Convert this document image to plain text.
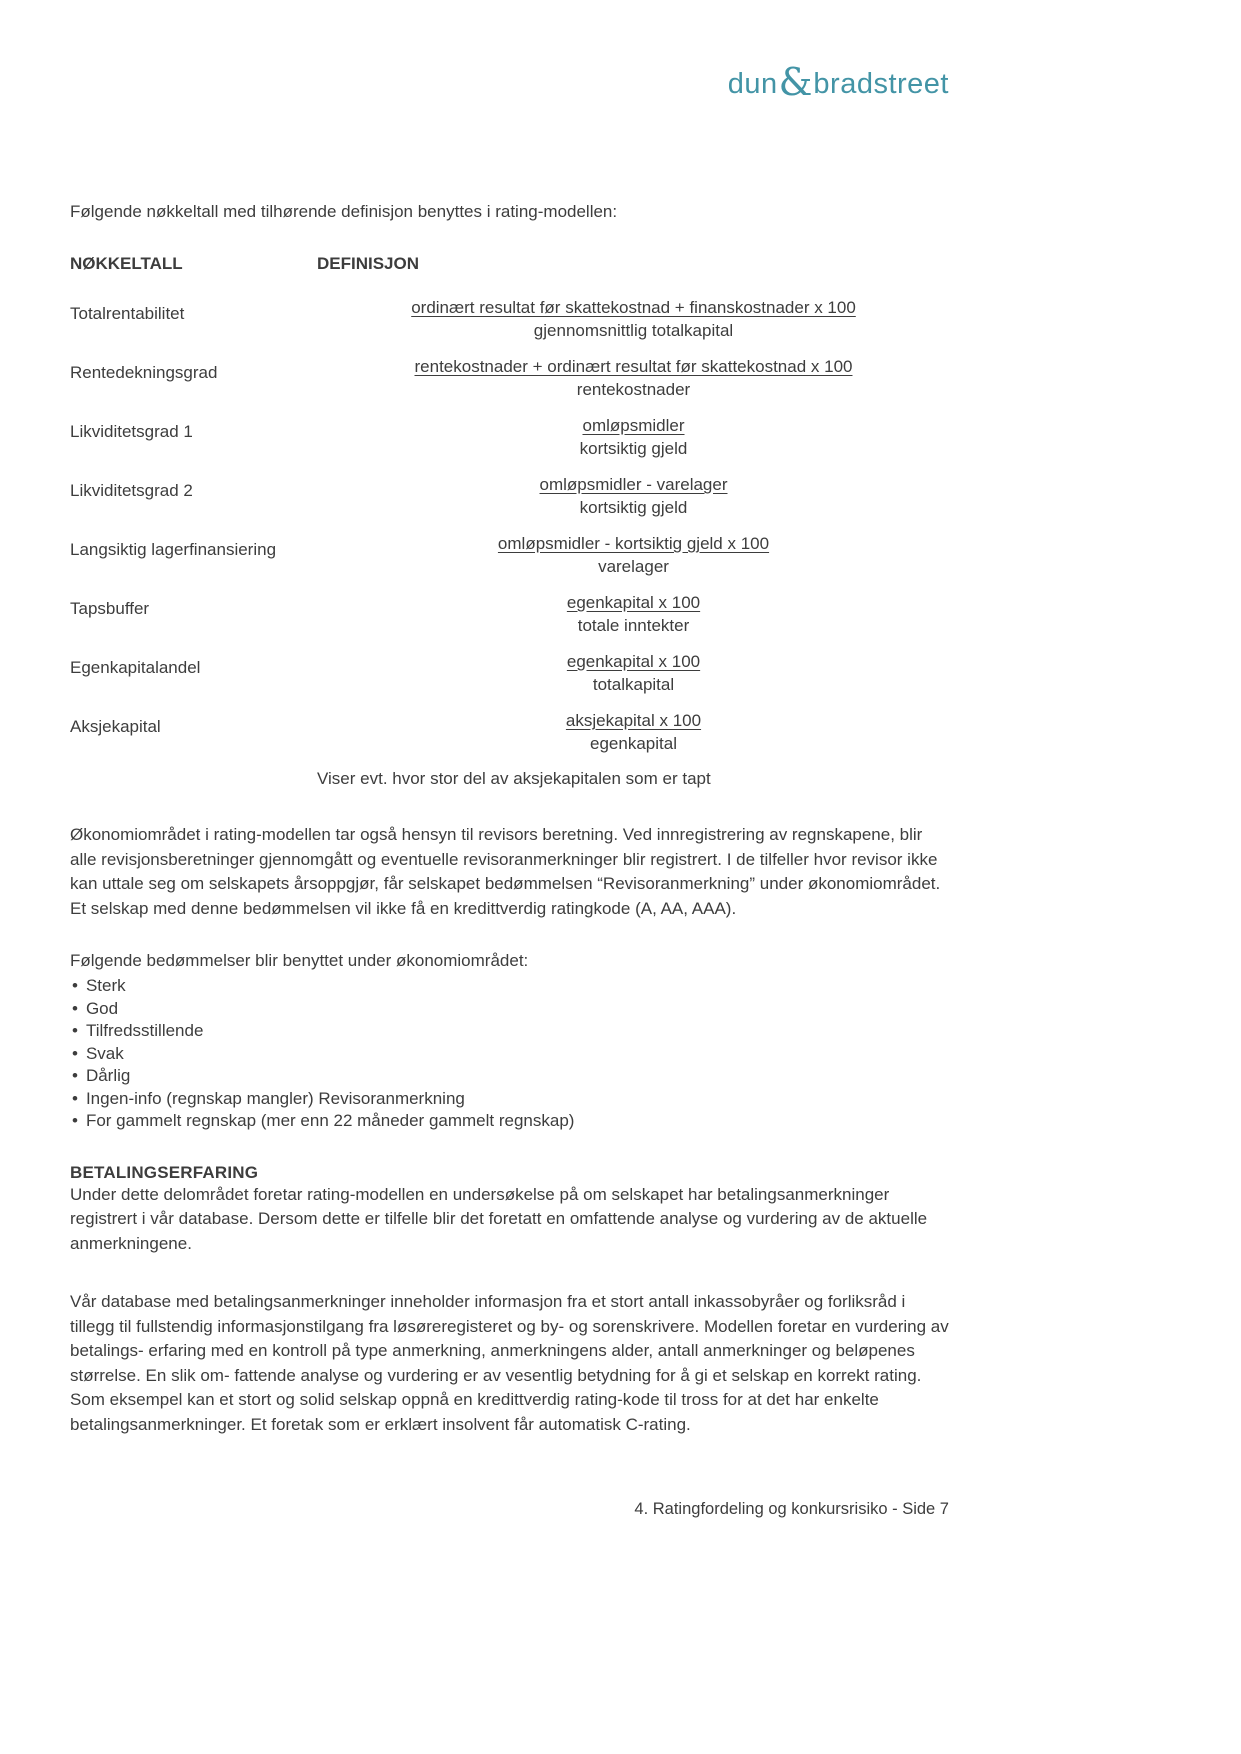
dun & bradstreet

Følgende nøkkeltall med tilhørende definisjon benyttes i rating-modellen:

NØKKELTALL	DEFINISJON
Totalrentabilitet	$\frac{\text{ordinært resultat før skattekostnad + finanskostnader x 100}}{\text{gjennomsnittlig totalkapital}}$
Rentedekningsgrad	$\frac{\text{rentekostnader + ordinært resultat før skattekostnad x 100}}{\text{rentekostnader}}$
Likviditetsgrad 1	$\frac{\text{omløpsmidler}}{\text{kortsiktig gjeld}}$
Likviditetsgrad 2	$\frac{\text{omløpsmidler - varelager}}{\text{kortsiktig gjeld}}$
Langsiktig lagerfinansiering	$\frac{\text{omløpsmidler - kortsiktig gjeld x 100}}{\text{varelager}}$
Tapsbuffer	$\frac{\text{egenkapital x 100}}{\text{totale inntekter}}$
Egenkapitalandel	$\frac{\text{egenkapital x 100}}{\text{totalkapital}}$
Aksjekapital	$\frac{\text{aksjekapital x 100}}{\text{egenkapital}}$

Viser evt. hvor stor del av aksjekapitalen som er tapt

Økonomiområdet i rating-modellen tar også hensyn til revisors beretning. Ved innregistrering av regnskapene, blir alle revisjonsberetninger gjennomgått og eventuelle revisoranmerkninger blir registrert. I de tilfeller hvor revisor ikke kan uttale seg om selskapets årsoppgjør, får selskapet bedømmelsen “Revisoranmerkning” under økonomiområdet. Et selskap med denne bedømmelsen vil ikke få en kredittverdig ratingkode (A, AA, AAA).

Følgende bedømmelser blir benyttet under økonomiområdet:

• Sterk
• God
• Tilfredsstillende
• Svak
• Dårlig
• Ingen-info (regnskap mangler) Revisoranmerkning
• For gammelt regnskap (mer enn 22 måneder gammelt regnskap)
BETALINGSERFARING

Under dette delområdet foretar rating-modellen en undersøkelse på om selskapet har betalingsanmerkninger registrert i vår database. Dersom dette er tilfelle blir det foretatt en omfattende analyse og vurdering av de aktuelle anmerkningene.

Vår database med betalingsanmerkninger inneholder informasjon fra et stort antall inkassobyråer og forliksråd i tillegg til fullstendig informasjonstilgang fra løsøreregisteret og by- og sorenskrivere. Modellen foretar en vurdering av betalings- erfaring med en kontroll på type anmerkning, anmerkningens alder, antall anmerkninger og beløpenes størrelse. En slik om- fattende analyse og vurdering er av vesentlig betydning for å gi et selskap en korrekt rating. Som eksempel kan et stort og solid selskap oppnå en kredittverdig rating-kode til tross for at det har enkelte betalingsanmerkninger. Et foretak som er erklært insolvent får automatisk C-rating.

4. Ratingfordeling og konkursrisiko - Side 7
